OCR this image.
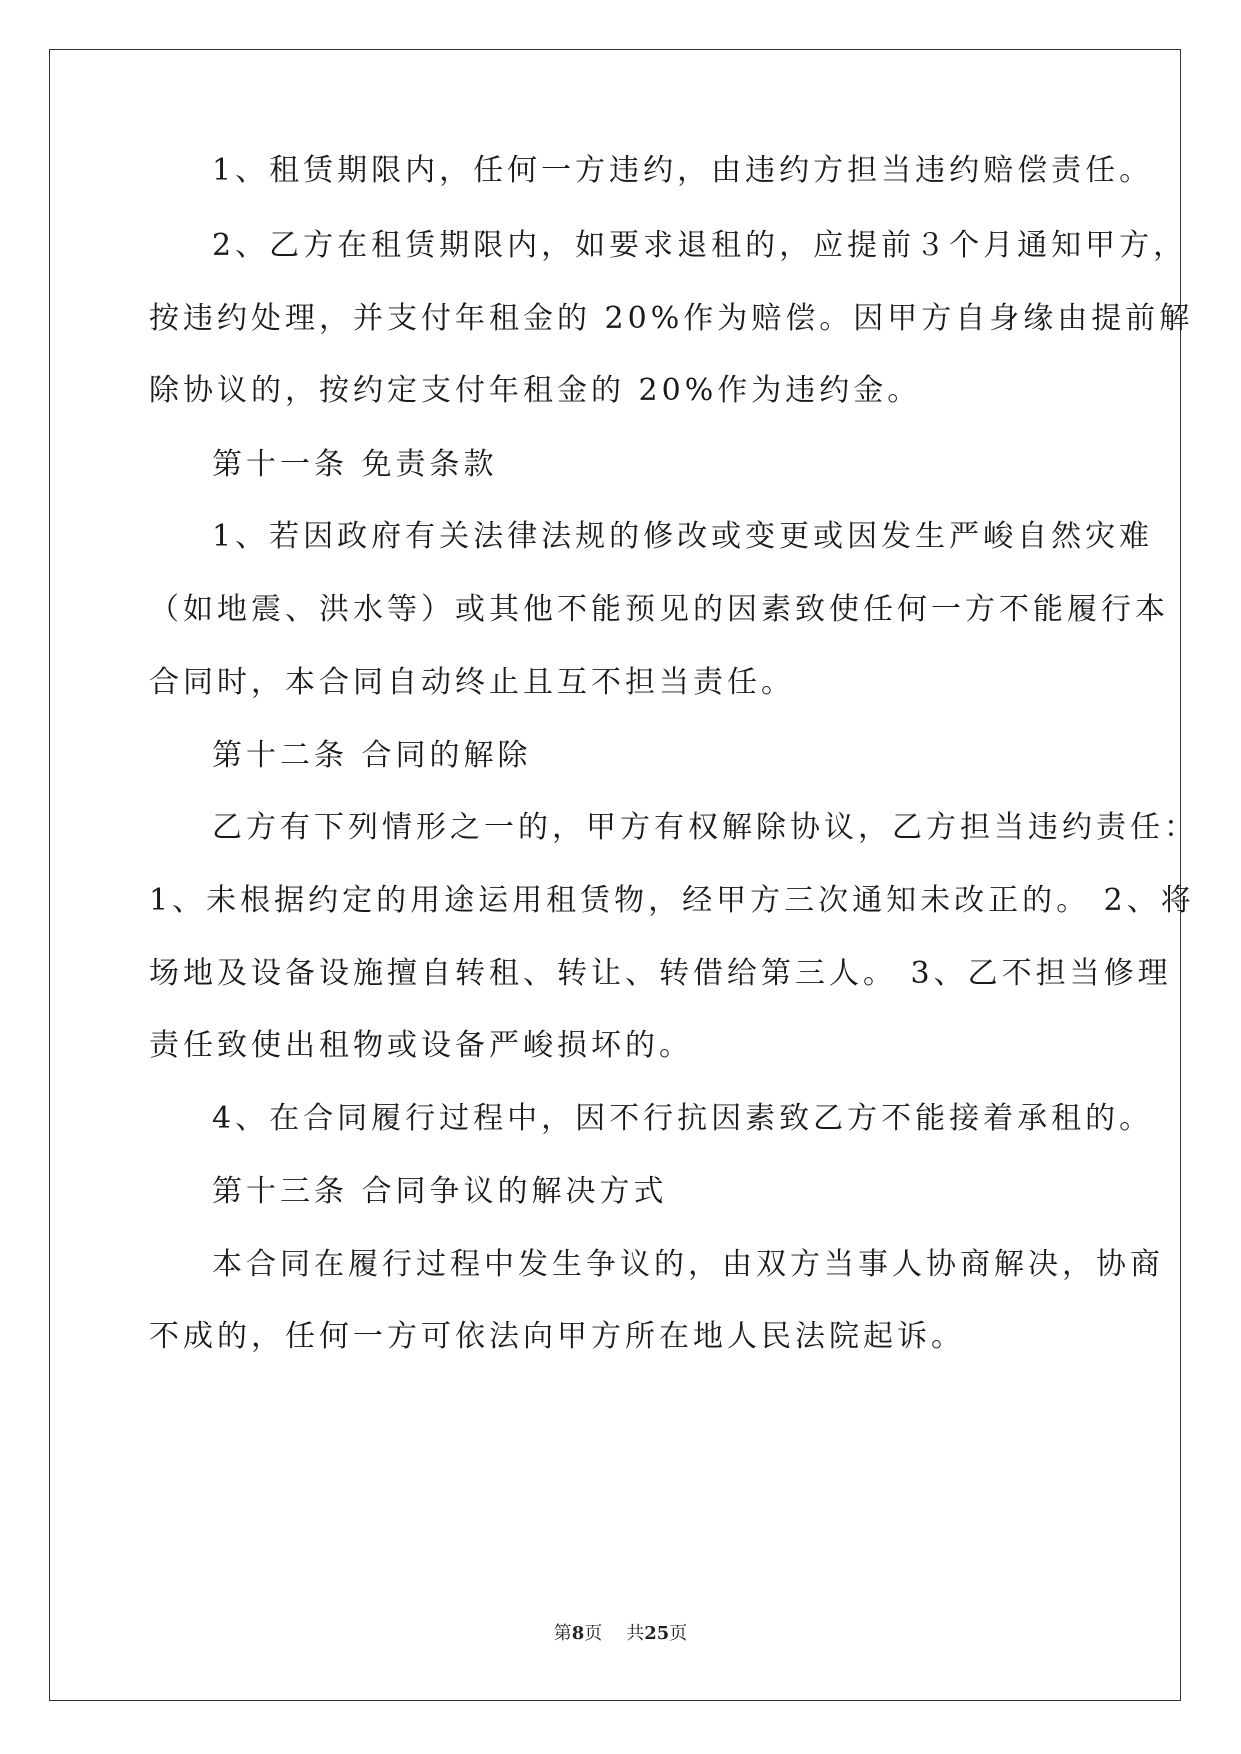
1、租赁期限内，任何一方违约，由违约方担当违约赔偿责任。
2、乙方在租赁期限内，如要求退租的，应提前３个月通知甲方，
按违约处理，并支付年租金的 20%作为赔偿。因甲方自身缘由提前解
除协议的，按约定支付年租金的 20%作为违约金。
第十一条 免责条款
1、若因政府有关法律法规的修改或变更或因发生严峻自然灾难
（如地震、洪水等）或其他不能预见的因素致使任何一方不能履行本
合同时，本合同自动终止且互不担当责任。
第十二条 合同的解除
乙方有下列情形之一的，甲方有权解除协议，乙方担当违约责任：
1、未根据约定的用途运用租赁物，经甲方三次通知未改正的。 2、将
场地及设备设施擅自转租、转让、转借给第三人。 3、乙不担当修理
责任致使出租物或设备严峻损坏的。
4、在合同履行过程中，因不行抗因素致乙方不能接着承租的。
第十三条 合同争议的解决方式
本合同在履行过程中发生争议的，由双方当事人协商解决，协商
不成的，任何一方可依法向甲方所在地人民法院起诉。
第8页 共25页
